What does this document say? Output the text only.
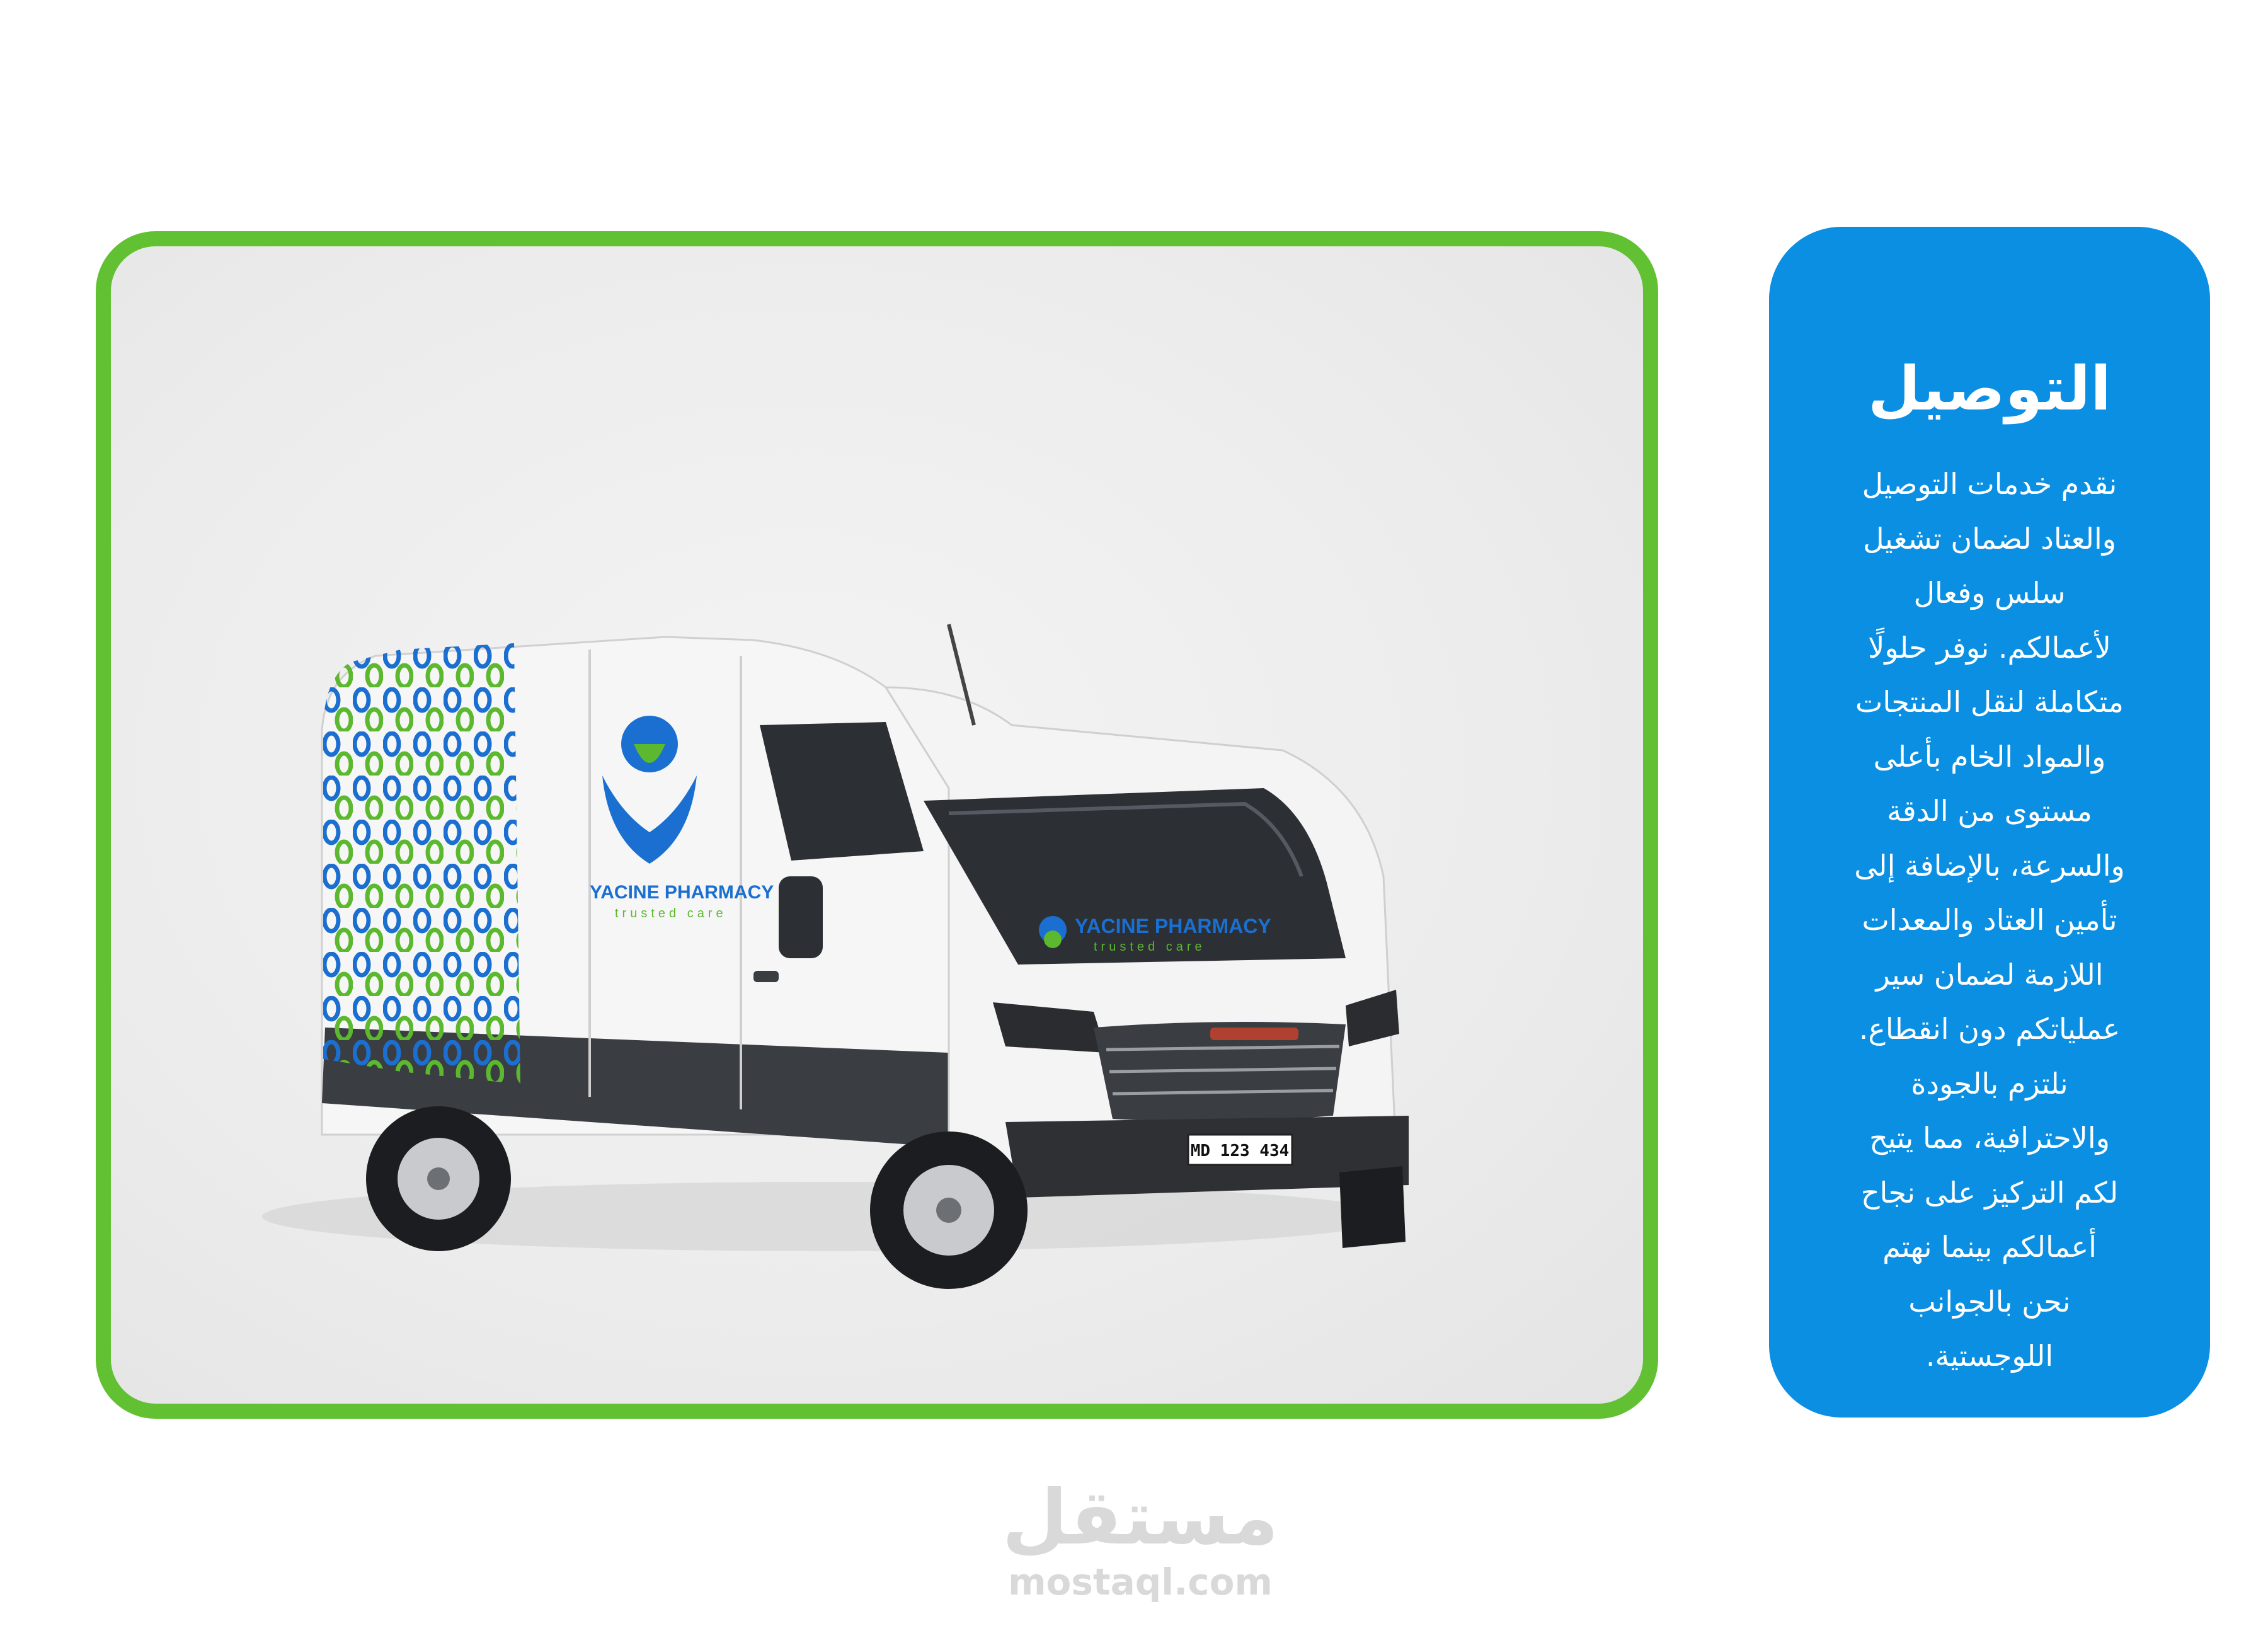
YACINE PHARMACY
trusted care
YACINE PHARMACY
trusted care
MD 123 434
التوصيل
نقدم خدمات التوصيل
والعتاد لضمان تشغيل
سلس وفعال
لأعمالكم. نوفر حلولًا
متكاملة لنقل المنتجات
والمواد الخام بأعلى
مستوى من الدقة
والسرعة، بالإضافة إلى
تأمين العتاد والمعدات
اللازمة لضمان سير
عملياتكم دون انقطاع.
نلتزم بالجودة
والاحترافية، مما يتيح
لكم التركيز على نجاح
أعمالكم بينما نهتم
نحن بالجوانب
اللوجستية.
مستقل
mostaql.com
